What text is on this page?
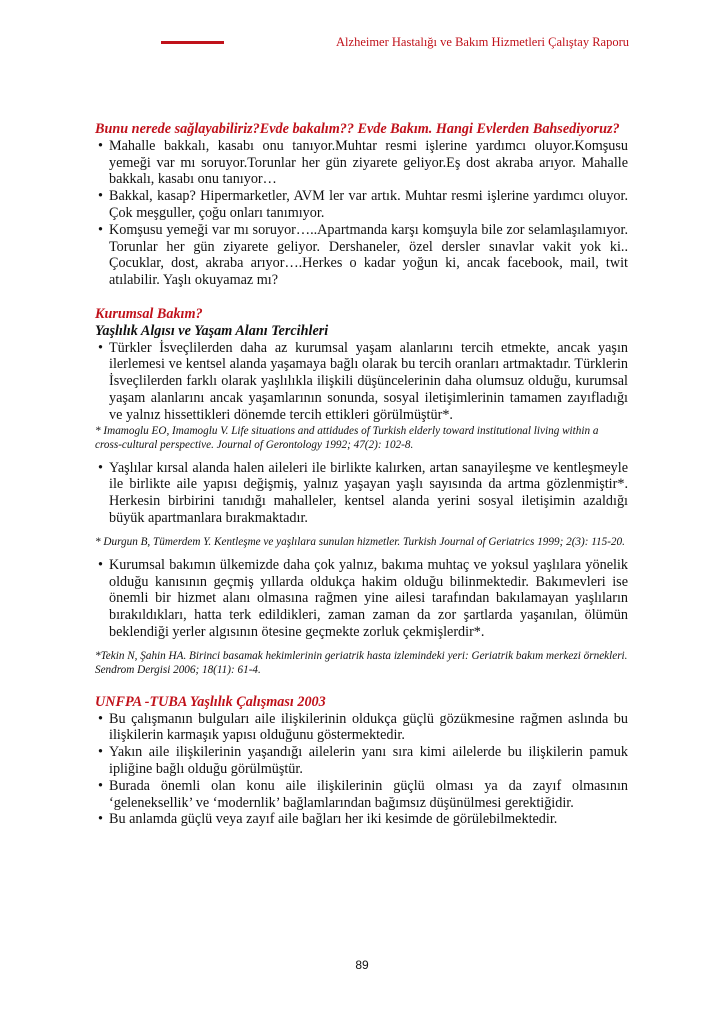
Alzheimer Hastalığı ve Bakım Hizmetleri Çalıştay Raporu
Bunu nerede sağlayabiliriz?Evde bakalım?? Evde Bakım. Hangi Evlerden Bahsediyoruz?
• Mahalle bakkalı, kasabı onu tanıyor.Muhtar resmi işlerine yardımcı oluyor.Komşusu yemeği var mı soruyor.Torunlar her gün ziyarete geliyor.Eş dost akraba arıyor. Mahalle bakkalı, kasabı onu tanıyor…
• Bakkal, kasap? Hipermarketler, AVM ler var artık. Muhtar resmi işlerine yardımcı oluyor. Çok meşguller, çoğu onları tanımıyor.
• Komşusu yemeği var mı soruyor…..Apartmanda karşı komşuyla bile zor selamlaşılamıyor. Torunlar her gün ziyarete geliyor. Dershaneler, özel dersler sınavlar vakit yok ki.. Çocuklar, dost, akraba arıyor….Herkes o kadar yoğun ki, ancak facebook, mail, twit atılabilir. Yaşlı okuyamaz mı?
Kurumsal Bakım?
Yaşlılık Algısı ve Yaşam Alanı Tercihleri
• Türkler İsveçlilerden daha az kurumsal yaşam alanlarını tercih etmekte, ancak yaşın ilerlemesi ve kentsel alanda yaşamaya bağlı olarak bu tercih oranları artmaktadır. Türklerin İsveçlilerden farklı olarak yaşlılıkla ilişkili düşüncelerinin daha olumsuz olduğu, kurumsal yaşam alanlarını ancak yaşamlarının sonunda, sosyal iletişimlerinin tamamen zayıfladığı ve yalnız hissettikleri dönemde tercih ettikleri görülmüştür*.
* Imamoglu EO, Imamoglu V. Life situations and attidudes of Turkish elderly toward institutional living within a cross-cultural perspective. Journal of Gerontology 1992; 47(2): 102-8.
• Yaşlılar kırsal alanda halen aileleri ile birlikte kalırken, artan sanayileşme ve kentleşmeyle ile birlikte aile yapısı değişmiş, yalnız yaşayan yaşlı sayısında da artma gözlenmiştir*. Herkesin birbirini tanıdığı mahalleler, kentsel alanda yerini sosyal iletişimin azaldığı büyük apartmanlara bırakmaktadır.
* Durgun B, Tümerdem Y. Kentleşme ve yaşlılara sunulan hizmetler. Turkish Journal of Geriatrics 1999; 2(3): 115-20.
• Kurumsal bakımın ülkemizde daha çok yalnız, bakıma muhtaç ve yoksul yaşlılara yönelik olduğu kanısının geçmiş yıllarda oldukça hakim olduğu bilinmektedir. Bakımevleri ise önemli bir hizmet alanı olmasına rağmen yine ailesi tarafından bakılamayan yaşlıların bırakıldıkları, hatta terk edildikleri, zaman zaman da zor şartlarda yaşanılan, ölümün beklendiği yerler algısının ötesine geçmekte zorluk çekmişlerdir*.
*Tekin N, Şahin HA. Birinci basamak hekimlerinin geriatrik hasta izlemindeki yeri: Geriatrik bakım merkezi örnekleri. Sendrom Dergisi 2006; 18(11): 61-4.
UNFPA -TUBA Yaşlılık Çalışması 2003
• Bu çalışmanın bulguları aile ilişkilerinin oldukça güçlü gözükmesine rağmen aslında bu ilişkilerin karmaşık yapısı olduğunu göstermektedir.
• Yakın aile ilişkilerinin yaşandığı ailelerin yanı sıra kimi ailelerde bu ilişkilerin pamuk ipliğine bağlı olduğu görülmüştür.
• Burada önemli olan konu aile ilişkilerinin güçlü olması ya da zayıf olmasının ‘geleneksellik’ ve ‘modernlik’ bağlamlarından bağımsız düşünülmesi gerektiğidir.
• Bu anlamda güçlü veya zayıf aile bağları her iki kesimde de görülebilmektedir.
89
